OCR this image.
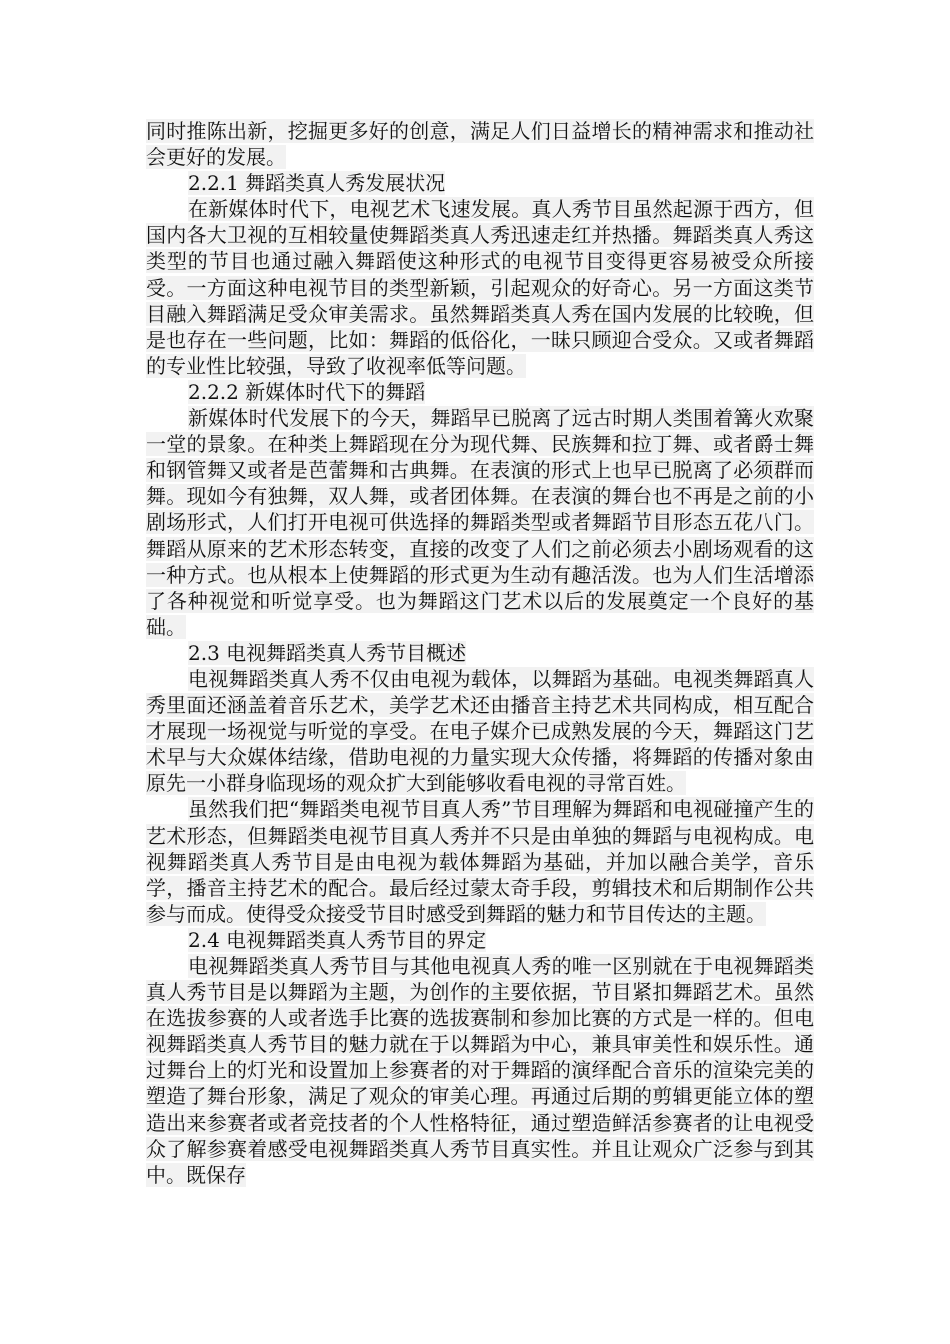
同时推陈出新，挖掘更多好的创意，满足人们日益增长的精神需求和推动社会更好的发展。

2.2.1 舞蹈类真人秀发展状况

在新媒体时代下，电视艺术飞速发展。真人秀节目虽然起源于西方，但国内各大卫视的互相较量使舞蹈类真人秀迅速走红并热播。舞蹈类真人秀这类型的节目也通过融入舞蹈使这种形式的电视节目变得更容易被受众所接受。一方面这种电视节目的类型新颖，引起观众的好奇心。另一方面这类节目融入舞蹈满足受众审美需求。虽然舞蹈类真人秀在国内发展的比较晚，但是也存在一些问题，比如：舞蹈的低俗化，一昧只顾迎合受众。又或者舞蹈的专业性比较强，导致了收视率低等问题。

2.2.2 新媒体时代下的舞蹈

新媒体时代发展下的今天，舞蹈早已脱离了远古时期人类围着篝火欢聚一堂的景象。在种类上舞蹈现在分为现代舞、民族舞和拉丁舞、或者爵士舞和钢管舞又或者是芭蕾舞和古典舞。在表演的形式上也早已脱离了必须群而舞。现如今有独舞，双人舞，或者团体舞。在表演的舞台也不再是之前的小剧场形式，人们打开电视可供选择的舞蹈类型或者舞蹈节目形态五花八门。舞蹈从原来的艺术形态转变，直接的改变了人们之前必须去小剧场观看的这一种方式。也从根本上使舞蹈的形式更为生动有趣活泼。也为人们生活增添了各种视觉和听觉享受。也为舞蹈这门艺术以后的发展奠定一个良好的基础。

2.3 电视舞蹈类真人秀节目概述

电视舞蹈类真人秀不仅由电视为载体，以舞蹈为基础。电视类舞蹈真人秀里面还涵盖着音乐艺术，美学艺术还由播音主持艺术共同构成，相互配合才展现一场视觉与听觉的享受。在电子媒介已成熟发展的今天，舞蹈这门艺术早与大众媒体结缘，借助电视的力量实现大众传播，将舞蹈的传播对象由原先一小群身临现场的观众扩大到能够收看电视的寻常百姓。

虽然我们把“舞蹈类电视节目真人秀”节目理解为舞蹈和电视碰撞产生的艺术形态，但舞蹈类电视节目真人秀并不只是由单独的舞蹈与电视构成。电视舞蹈类真人秀节目是由电视为载体舞蹈为基础，并加以融合美学，音乐学，播音主持艺术的配合。最后经过蒙太奇手段，剪辑技术和后期制作公共参与而成。使得受众接受节目时感受到舞蹈的魅力和节目传达的主题。

2.4 电视舞蹈类真人秀节目的界定

电视舞蹈类真人秀节目与其他电视真人秀的唯一区别就在于电视舞蹈类真人秀节目是以舞蹈为主题，为创作的主要依据，节目紧扣舞蹈艺术。虽然在选拔参赛的人或者选手比赛的选拔赛制和参加比赛的方式是一样的。但电视舞蹈类真人秀节目的魅力就在于以舞蹈为中心，兼具审美性和娱乐性。通过舞台上的灯光和设置加上参赛者的对于舞蹈的演绎配合音乐的渲染完美的塑造了舞台形象，满足了观众的审美心理。再通过后期的剪辑更能立体的塑造出来参赛者或者竞技者的个人性格特征，通过塑造鲜活参赛者的让电视受众了解参赛着感受电视舞蹈类真人秀节目真实性。并且让观众广泛参与到其中。既保存
